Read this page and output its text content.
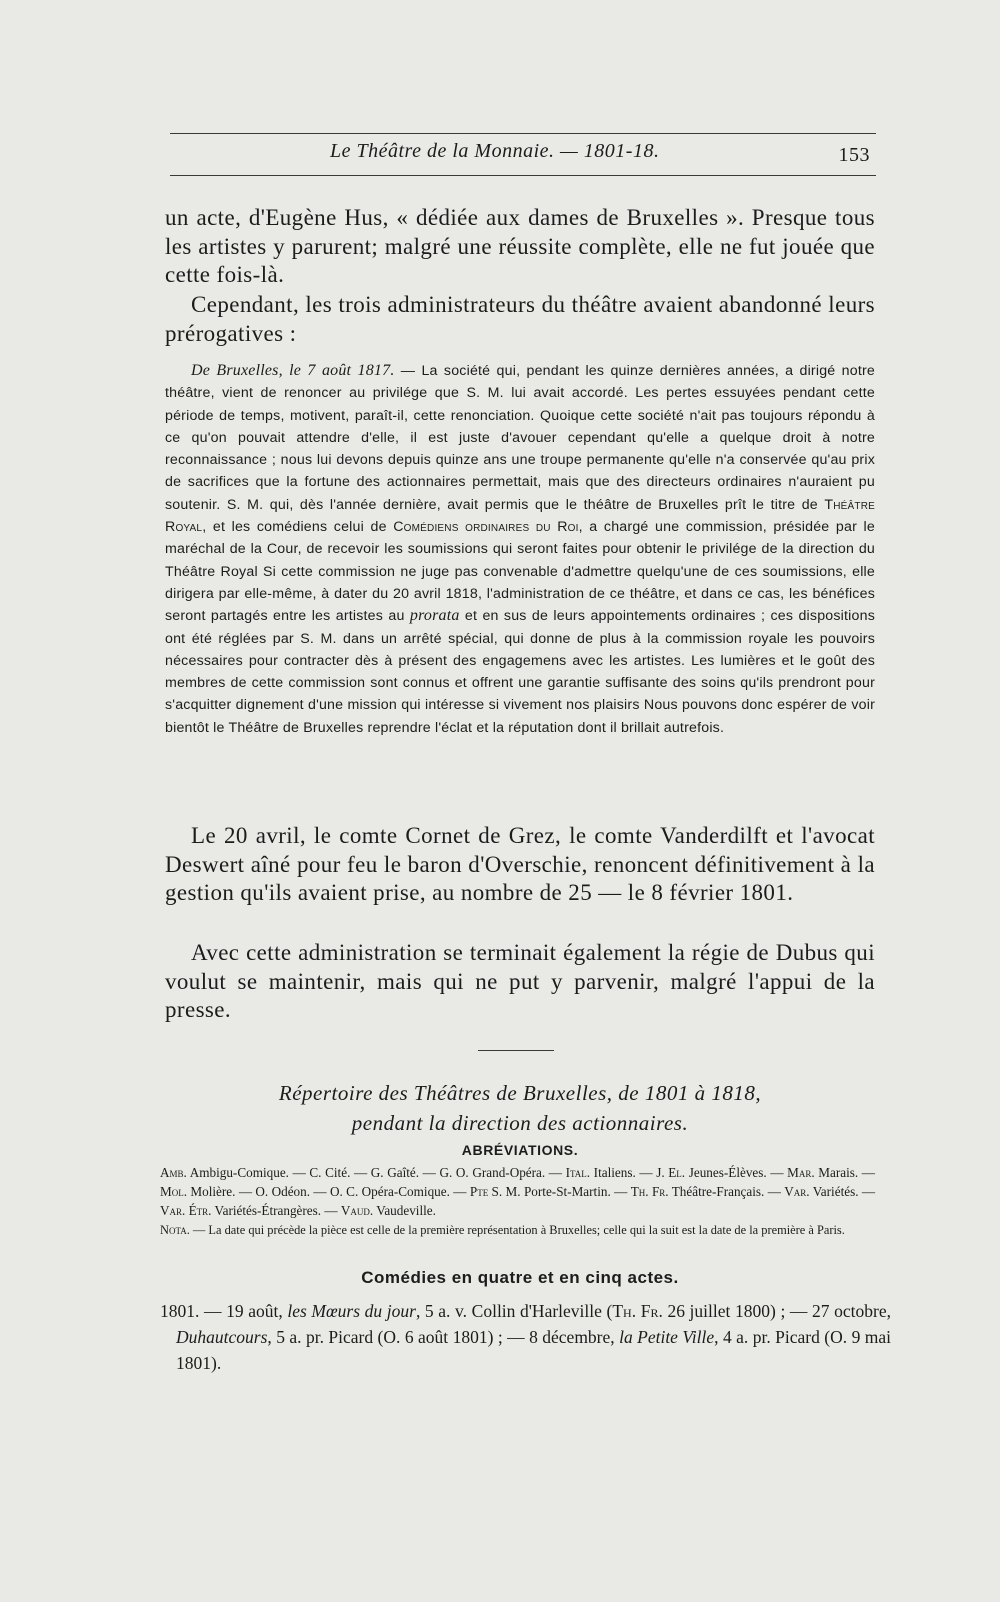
Le Théâtre de la Monnaie. — 1801-18.	153

un acte, d'Eugène Hus, « dédiée aux dames de Bruxelles ». Presque tous les artistes y parurent; malgré une réussite complète, elle ne fut jouée que cette fois-là.

Cependant, les trois administrateurs du théâtre avaient abandonné leurs prérogatives :

De Bruxelles, le 7 août 1817. — La société qui, pendant les quinze dernières années, a dirigé notre théâtre, vient de renoncer au privilége que S. M. lui avait accordé. Les pertes essuyées pendant cette période de temps, motivent, paraît-il, cette renonciation. Quoique cette société n'ait pas toujours répondu à ce qu'on pouvait attendre d'elle, il est juste d'avouer cependant qu'elle a quelque droit à notre reconnaissance ; nous lui devons depuis quinze ans une troupe permanente qu'elle n'a conservée qu'au prix de sacrifices que la fortune des actionnaires permettait, mais que des directeurs ordinaires n'auraient pu soutenir. S. M. qui, dès l'année dernière, avait permis que le théâtre de Bruxelles prît le titre de Théâtre Royal, et les comédiens celui de Comédiens ordinaires du Roi, a chargé une commission, présidée par le maréchal de la Cour, de recevoir les soumissions qui seront faites pour obtenir le privilége de la direction du Théâtre Royal Si cette commission ne juge pas convenable d'admettre quelqu'une de ces soumissions, elle dirigera par elle-même, à dater du 20 avril 1818, l'administration de ce théâtre, et dans ce cas, les bénéfices seront partagés entre les artistes au prorata et en sus de leurs appointements ordinaires ; ces dispositions ont été réglées par S. M. dans un arrêté spécial, qui donne de plus à la commission royale les pouvoirs nécessaires pour contracter dès à présent des engagemens avec les artistes. Les lumières et le goût des membres de cette commission sont connus et offrent une garantie suffisante des soins qu'ils prendront pour s'acquitter dignement d'une mission qui intéresse si vivement nos plaisirs Nous pouvons donc espérer de voir bientôt le Théâtre de Bruxelles reprendre l'éclat et la réputation dont il brillait autrefois.

Le 20 avril, le comte Cornet de Grez, le comte Vanderdilft et l'avocat Deswert aîné pour feu le baron d'Overschie, renoncent définitivement à la gestion qu'ils avaient prise, au nombre de 25 — le 8 février 1801.

Avec cette administration se terminait également la régie de Dubus qui voulut se maintenir, mais qui ne put y parvenir, malgré l'appui de la presse.

Répertoire des Théâtres de Bruxelles, de 1801 à 1818,
pendant la direction des actionnaires.

ABRÉVIATIONS.

Amb. Ambigu-Comique. — C. Cité. — G. Gaîté. — G. O. Grand-Opéra. — Ital. Italiens. — J. El. Jeunes-Élèves. — Mar. Marais. — Mol. Molière. — O. Odéon. — O. C. Opéra-Comique. — Pte S. M. Porte-St-Martin. — Th. Fr. Théâtre-Français. — Var. Variétés. — Var. Étr. Variétés-Étrangères. — Vaud. Vaudeville.

Nota. — La date qui précède la pièce est celle de la première représentation à Bruxelles; celle qui la suit est la date de la première à Paris.

Comédies en quatre et en cinq actes.

1801. — 19 août, les Mœurs du jour, 5 a. v. Collin d'Harleville (Th. Fr. 26 juillet 1800) ; — 27 octobre, Duhautcours, 5 a. pr. Picard (O. 6 août 1801) ; — 8 décembre, la Petite Ville, 4 a. pr. Picard (O. 9 mai 1801).
